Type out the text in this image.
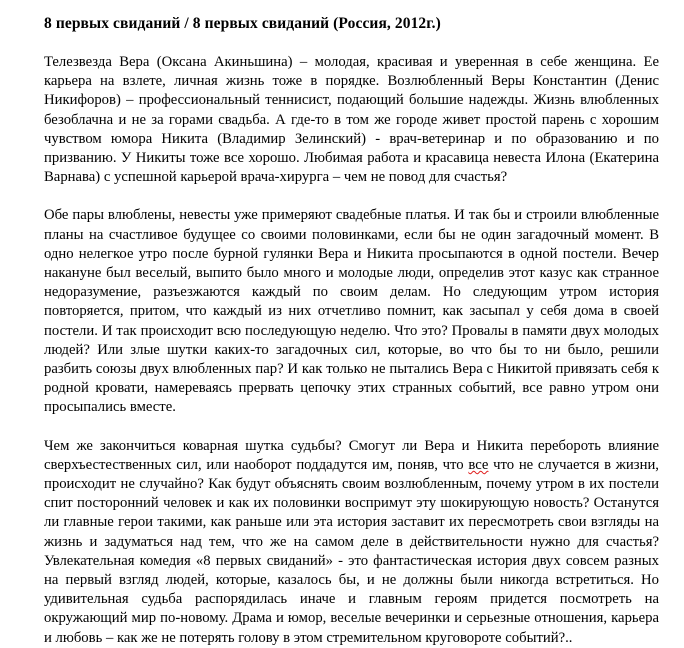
8 первых свиданий / 8 первых свиданий (Россия, 2012г.)

Телезвезда Вера (Оксана Акиньшина) – молодая, красивая и уверенная в себе женщина. Ее карьера на взлете, личная жизнь тоже в порядке. Возлюбленный Веры Константин (Денис Никифоров) – профессиональный теннисист, подающий большие надежды. Жизнь влюбленных безоблачна и не за горами свадьба. А где-то в том же городе живет простой парень с хорошим чувством юмора Никита (Владимир Зелинский) - врач-ветеринар и по образованию и по призванию. У Никиты тоже все хорошо. Любимая работа и красавица невеста Илона (Екатерина Варнава) с успешной карьерой врача-хирурга – чем не повод для счастья?

Обе пары влюблены, невесты уже примеряют свадебные платья. И так бы и строили влюбленные планы на счастливое будущее со своими половинками, если бы не один загадочный момент. В одно нелегкое утро после бурной гулянки Вера и Никита просыпаются в одной постели. Вечер накануне был веселый, выпито было много и молодые люди, определив этот казус как странное недоразумение, разъезжаются каждый по своим делам. Но следующим утром история повторяется, притом, что каждый из них отчетливо помнит, как засыпал у себя дома в своей постели. И так происходит всю последующую неделю. Что это? Провалы в памяти двух молодых людей? Или злые шутки каких-то загадочных сил, которые, во что бы то ни было, решили разбить союзы двух влюбленных пар? И как только не пытались Вера с Никитой привязать себя к родной кровати, намереваясь прервать цепочку этих странных событий, все равно утром они просыпались вместе.

Чем же закончиться коварная шутка судьбы? Смогут ли Вера и Никита перебороть влияние сверхъестественных сил, или наоборот поддадутся им, поняв, что все что не случается в жизни, происходит не случайно? Как будут объяснять своим возлюбленным, почему утром в их постели спит посторонний человек и как их половинки воспримут эту шокирующую новость? Останутся ли главные герои такими, как раньше или эта история заставит их пересмотреть свои взгляды на жизнь и задуматься над тем, что же на самом деле в действительности нужно для счастья? Увлекательная комедия «8 первых свиданий» - это фантастическая история двух совсем разных на первый взгляд людей, которые, казалось бы, и не должны были никогда встретиться. Но удивительная судьба распорядилась иначе и главным героям придется посмотреть на окружающий мир по-новому. Драма и юмор, веселые вечеринки и серьезные отношения, карьера и любовь – как же не потерять голову в этом стремительном круговороте событий?..
